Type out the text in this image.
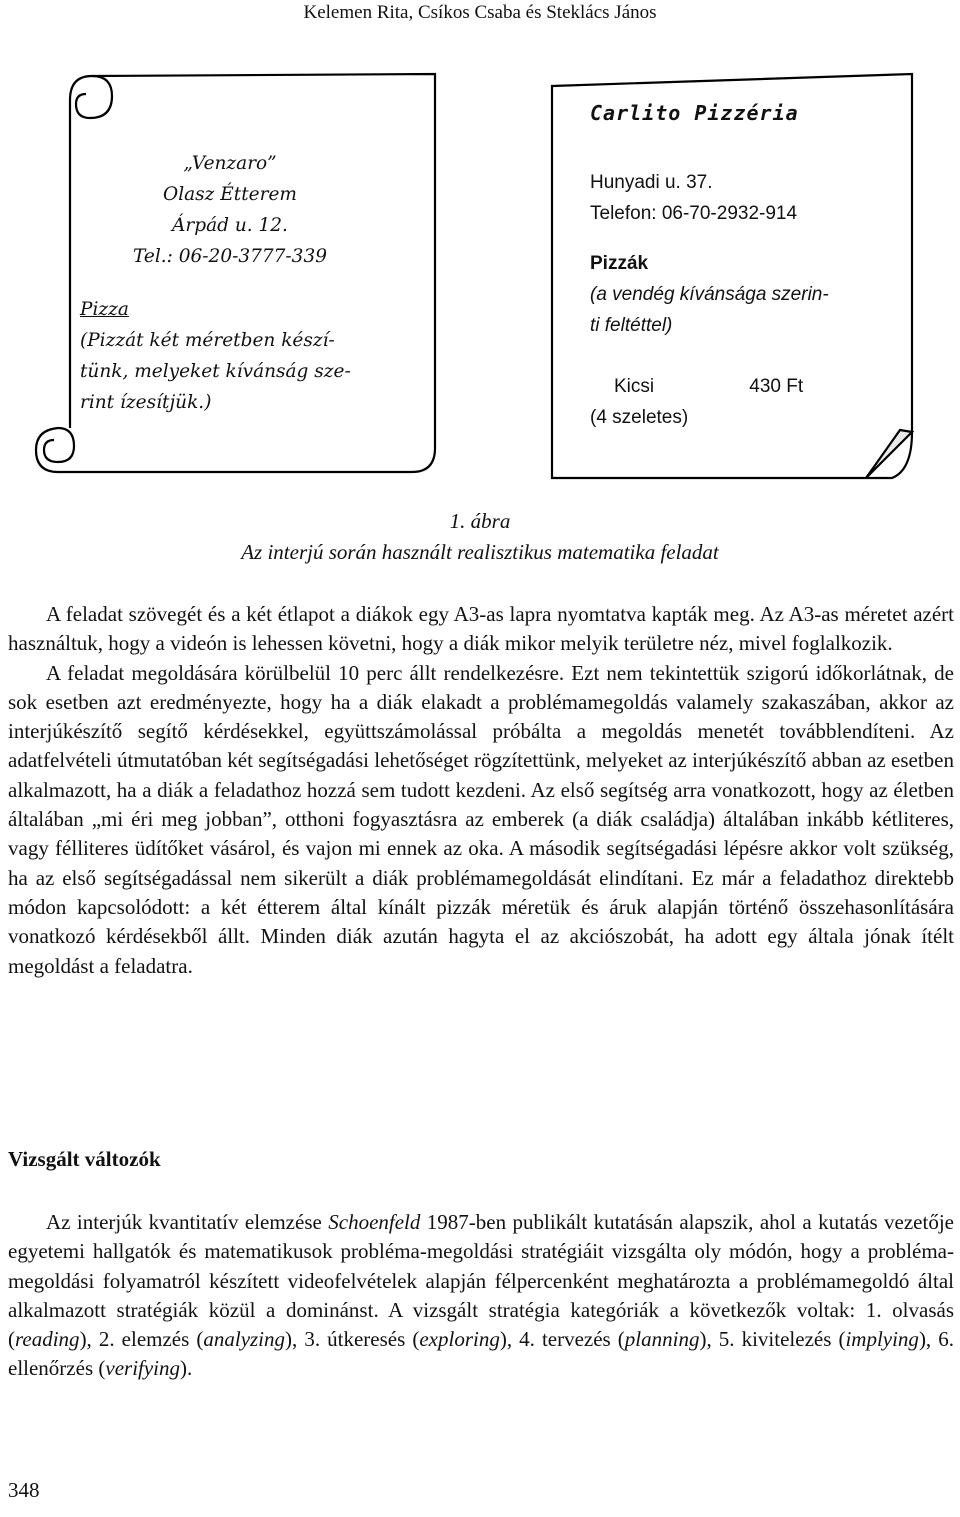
Kelemen Rita, Csíkos Csaba és Steklács János
„Venzaro”
Olasz Étterem
Árpád u. 12.
Tel.: 06-20-3777-339
Pizza
(Pizzát két méretben készí-
tünk, melyeket kívánság sze-
rint ízesítjük.)
Carlito Pizzéria
Hunyadi u. 37.
Telefon: 06-70-2932-914
Pizzák
(a vendég kívánsága szerin-
ti feltéttel)
Kicsi	430 Ft
(4 szeletes)
1. ábra
Az interjú során használt realisztikus matematika feladat

A feladat szövegét és a két étlapot a diákok egy A3-as lapra nyomtatva kapták meg. Az A3-as méretet azért használtuk, hogy a videón is lehessen követni, hogy a diák mikor melyik területre néz, mivel foglalkozik.

A feladat megoldására körülbelül 10 perc állt rendelkezésre. Ezt nem tekintettük szigorú időkorlátnak, de sok esetben azt eredményezte, hogy ha a diák elakadt a problémamegoldás valamely szakaszában, akkor az interjúkészítő segítő kérdésekkel, együttszámolással próbálta a megoldás menetét továbblendíteni. Az adatfelvételi útmutatóban két segítségadási lehetőséget rögzítettünk, melyeket az interjúkészítő abban az esetben alkalmazott, ha a diák a feladathoz hozzá sem tudott kezdeni. Az első segítség arra vonatkozott, hogy az életben általában „mi éri meg jobban”, otthoni fogyasztásra az emberek (a diák családja) általában inkább kétliteres, vagy félliteres üdítőket vásárol, és vajon mi ennek az oka. A második segítségadási lépésre akkor volt szükség, ha az első segítségadással nem sikerült a diák problémamegoldását elindítani. Ez már a feladathoz direktebb módon kapcsolódott: a két étterem által kínált pizzák méretük és áruk alapján történő összehasonlítására vonatkozó kérdésekből állt. Minden diák azután hagyta el az akciószobát, ha adott egy általa jónak ítélt megoldást a feladatra.

Vizsgált változók

Az interjúk kvantitatív elemzése Schoenfeld 1987-ben publikált kutatásán alapszik, ahol a kutatás vezetője egyetemi hallgatók és matematikusok probléma-megoldási stratégiáit vizsgálta oly módón, hogy a probléma-megoldási folyamatról készített videofelvételek alapján félpercenként meghatározta a problémamegoldó által alkalmazott stratégiák közül a dominánst. A vizsgált stratégia kategóriák a következők voltak: 1. olvasás (reading), 2. elemzés (analyzing), 3. útkeresés (exploring), 4. tervezés (planning), 5. kivitelezés (implying), 6. ellenőrzés (verifying).

348
